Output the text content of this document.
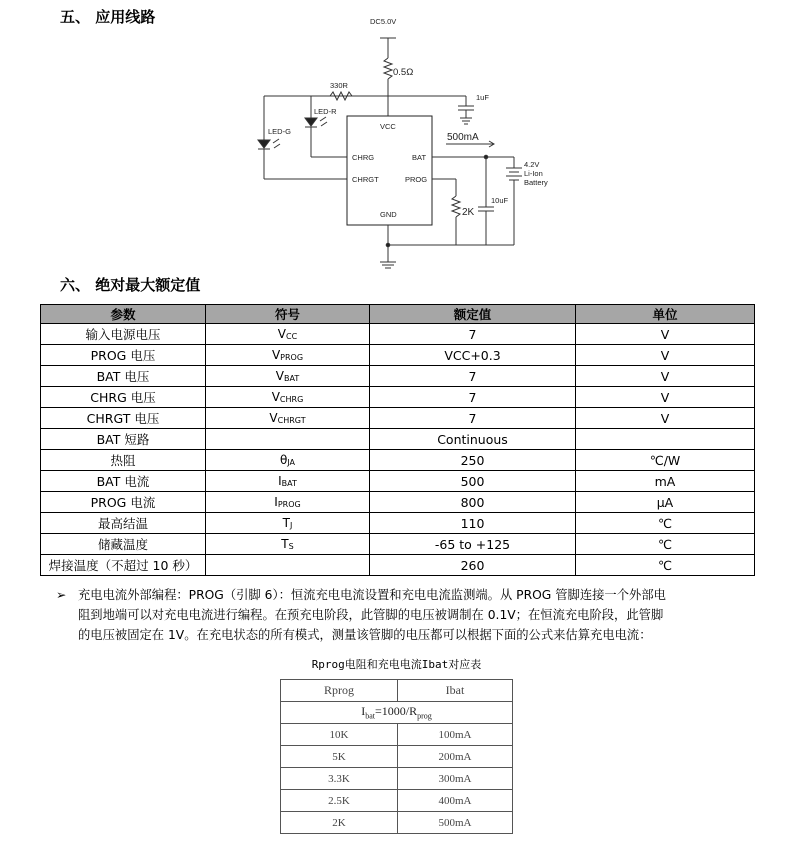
五、 应用线路	DC5.0V
0.5Ω
330R
LED-R
LED-G
1uF
VCC
CHRG
CHRGT
BAT
PROG
GND
500mA
2K
10uF
4.2V
Li-Ion
Battery
六、 绝对最大额定值
参数	符号	额定值	单位
输入电源电压	$V_{CC}$	7	V
PROG 电压	$V_{PROG}$	VCC+0.3	V
BAT 电压	$V_{BAT}$	7	V
CHRG 电压	$V_{CHRG}$	7	V
CHRGT 电压	$V_{CHRGT}$	7	V
BAT 短路		Continuous	
热阻	$\theta_{JA}$	250	℃/W
BAT 电流	$I_{BAT}$	500	mA
PROG 电流	$I_{PROG}$	800	μA
最高结温	$T_J$	110	℃
储藏温度	$T_S$	-65 to +125	℃
焊接温度（不超过 10 秒）		260	℃
➢ 充电电流外部编程：PROG（引脚 6）：恒流充电电流设置和充电电流监测端。从 PROG 管脚连接一个外部电
阻到地端可以对充电电流进行编程。在预充电阶段，此管脚的电压被调制在 0.1V；在恒流充电阶段，此管脚
的电压被固定在 1V。在充电状态的所有模式，测量该管脚的电压都可以根据下面的公式来估算充电电流：
Rprog电阻和充电电流Ibat对应表
Rprog	Ibat
$I_{bat}=1000/R_{prog}$
10K	100mA
5K	200mA
3.3K	300mA
2.5K	400mA
2K	500mA
